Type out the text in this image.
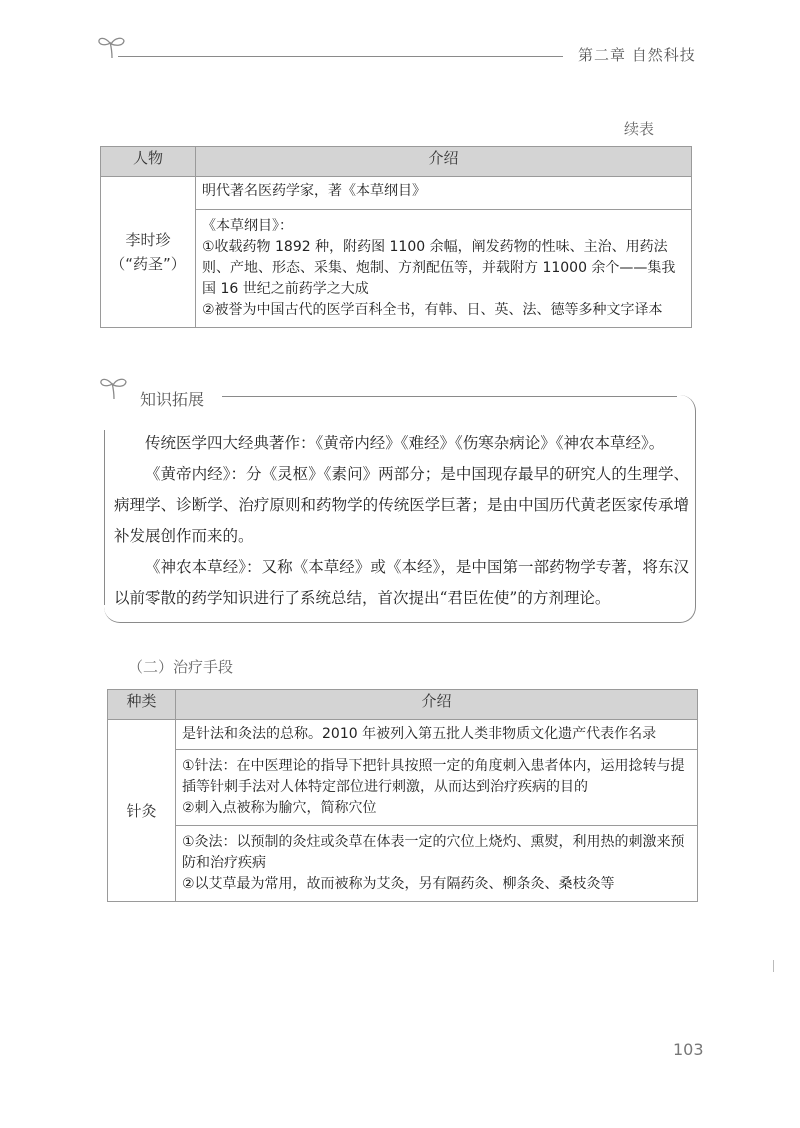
第二章 自然科技
续表
人物	介绍

李时珍
（“药圣”）	明代著名医药学家，著《本草纲目》

	《本草纲目》：
①收载药物 1892 种，附药图 1100 余幅，阐发药物的性味、主治、用药法则、产地、形态、采集、炮制、方剂配伍等，并载附方 11000 余个——集我国 16 世纪之前药学之大成
②被誉为中国古代的医学百科全书，有韩、日、英、法、德等多种文字译本
知识拓展

传统医学四大经典著作：《黄帝内经》《难经》《伤寒杂病论》《神农本草经》。

《黄帝内经》：分《灵枢》《素问》两部分；是中国现存最早的研究人的生理学、病理学、诊断学、治疗原则和药物学的传统医学巨著；是由中国历代黄老医家传承增补发展创作而来的。

《神农本草经》：又称《本草经》或《本经》，是中国第一部药物学专著，将东汉以前零散的药学知识进行了系统总结，首次提出“君臣佐使”的方剂理论。

（二）治疗手段
种类	介绍
针灸	是针法和灸法的总称。2010 年被列入第五批人类非物质文化遗产代表作名录

	①针法：在中医理论的指导下把针具按照一定的角度刺入患者体内，运用捻转与提插等针刺手法对人体特定部位进行刺激，从而达到治疗疾病的目的
②刺入点被称为腧穴，简称穴位

	①灸法：以预制的灸炷或灸草在体表一定的穴位上烧灼、熏熨，利用热的刺激来预防和治疗疾病
②以艾草最为常用，故而被称为艾灸，另有隔药灸、柳条灸、桑枝灸等
103
